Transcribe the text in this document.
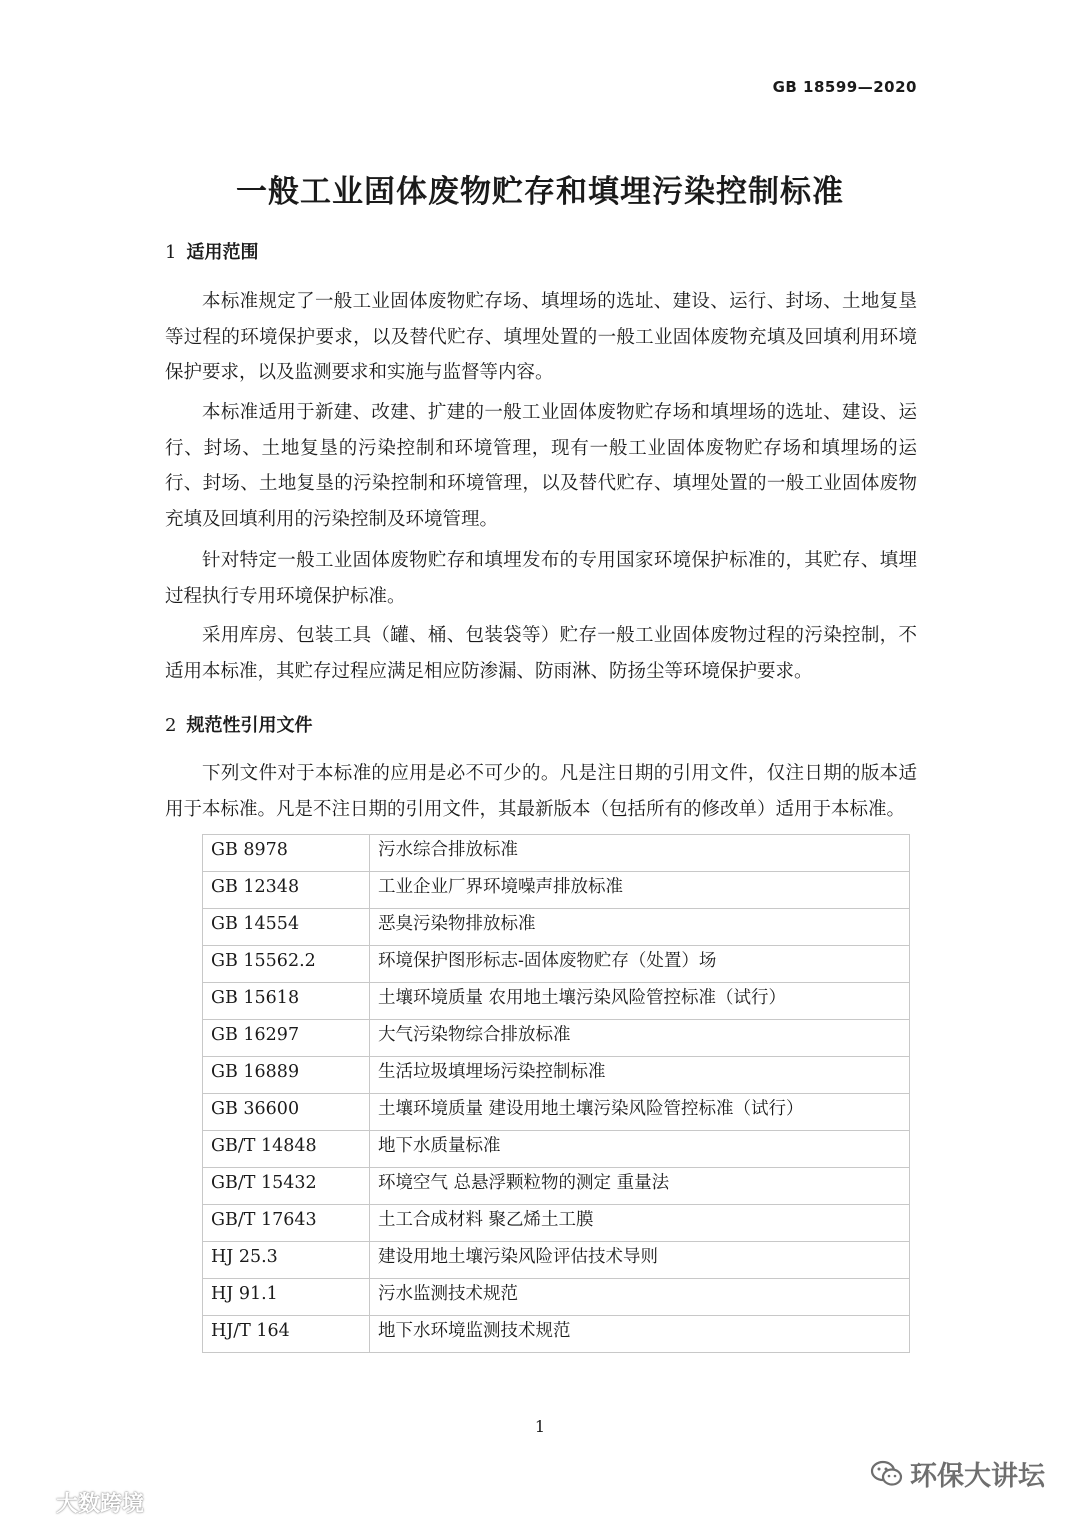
GB 18599—2020
一般工业固体废物贮存和填埋污染控制标准
1 适用范围

本标准规定了一般工业固体废物贮存场、填埋场的选址、建设、运行、封场、土地复垦等过程的环境保护要求，以及替代贮存、填埋处置的一般工业固体废物充填及回填利用环境保护要求，以及监测要求和实施与监督等内容。

本标准适用于新建、改建、扩建的一般工业固体废物贮存场和填埋场的选址、建设、运行、封场、土地复垦的污染控制和环境管理，现有一般工业固体废物贮存场和填埋场的运行、封场、土地复垦的污染控制和环境管理，以及替代贮存、填埋处置的一般工业固体废物充填及回填利用的污染控制及环境管理。

针对特定一般工业固体废物贮存和填埋发布的专用国家环境保护标准的，其贮存、填埋过程执行专用环境保护标准。

采用库房、包装工具（罐、桶、包装袋等）贮存一般工业固体废物过程的污染控制，不适用本标准，其贮存过程应满足相应防渗漏、防雨淋、防扬尘等环境保护要求。

2 规范性引用文件

下列文件对于本标准的应用是必不可少的。凡是注日期的引用文件，仅注日期的版本适用于本标准。凡是不注日期的引用文件，其最新版本（包括所有的修改单）适用于本标准。

GB 8978	污水综合排放标准
GB 12348	工业企业厂界环境噪声排放标准
GB 14554	恶臭污染物排放标准
GB 15562.2	环境保护图形标志-固体废物贮存（处置）场
GB 15618	土壤环境质量 农用地土壤污染风险管控标准（试行）
GB 16297	大气污染物综合排放标准
GB 16889	生活垃圾填埋场污染控制标准
GB 36600	土壤环境质量 建设用地土壤污染风险管控标准（试行）
GB/T 14848	地下水质量标准
GB/T 15432	环境空气 总悬浮颗粒物的测定 重量法
GB/T 17643	土工合成材料 聚乙烯土工膜
HJ 25.3	建设用地土壤污染风险评估技术导则
HJ 91.1	污水监测技术规范
HJ/T 164	地下水环境监测技术规范
1
环保大讲坛
大数跨境
